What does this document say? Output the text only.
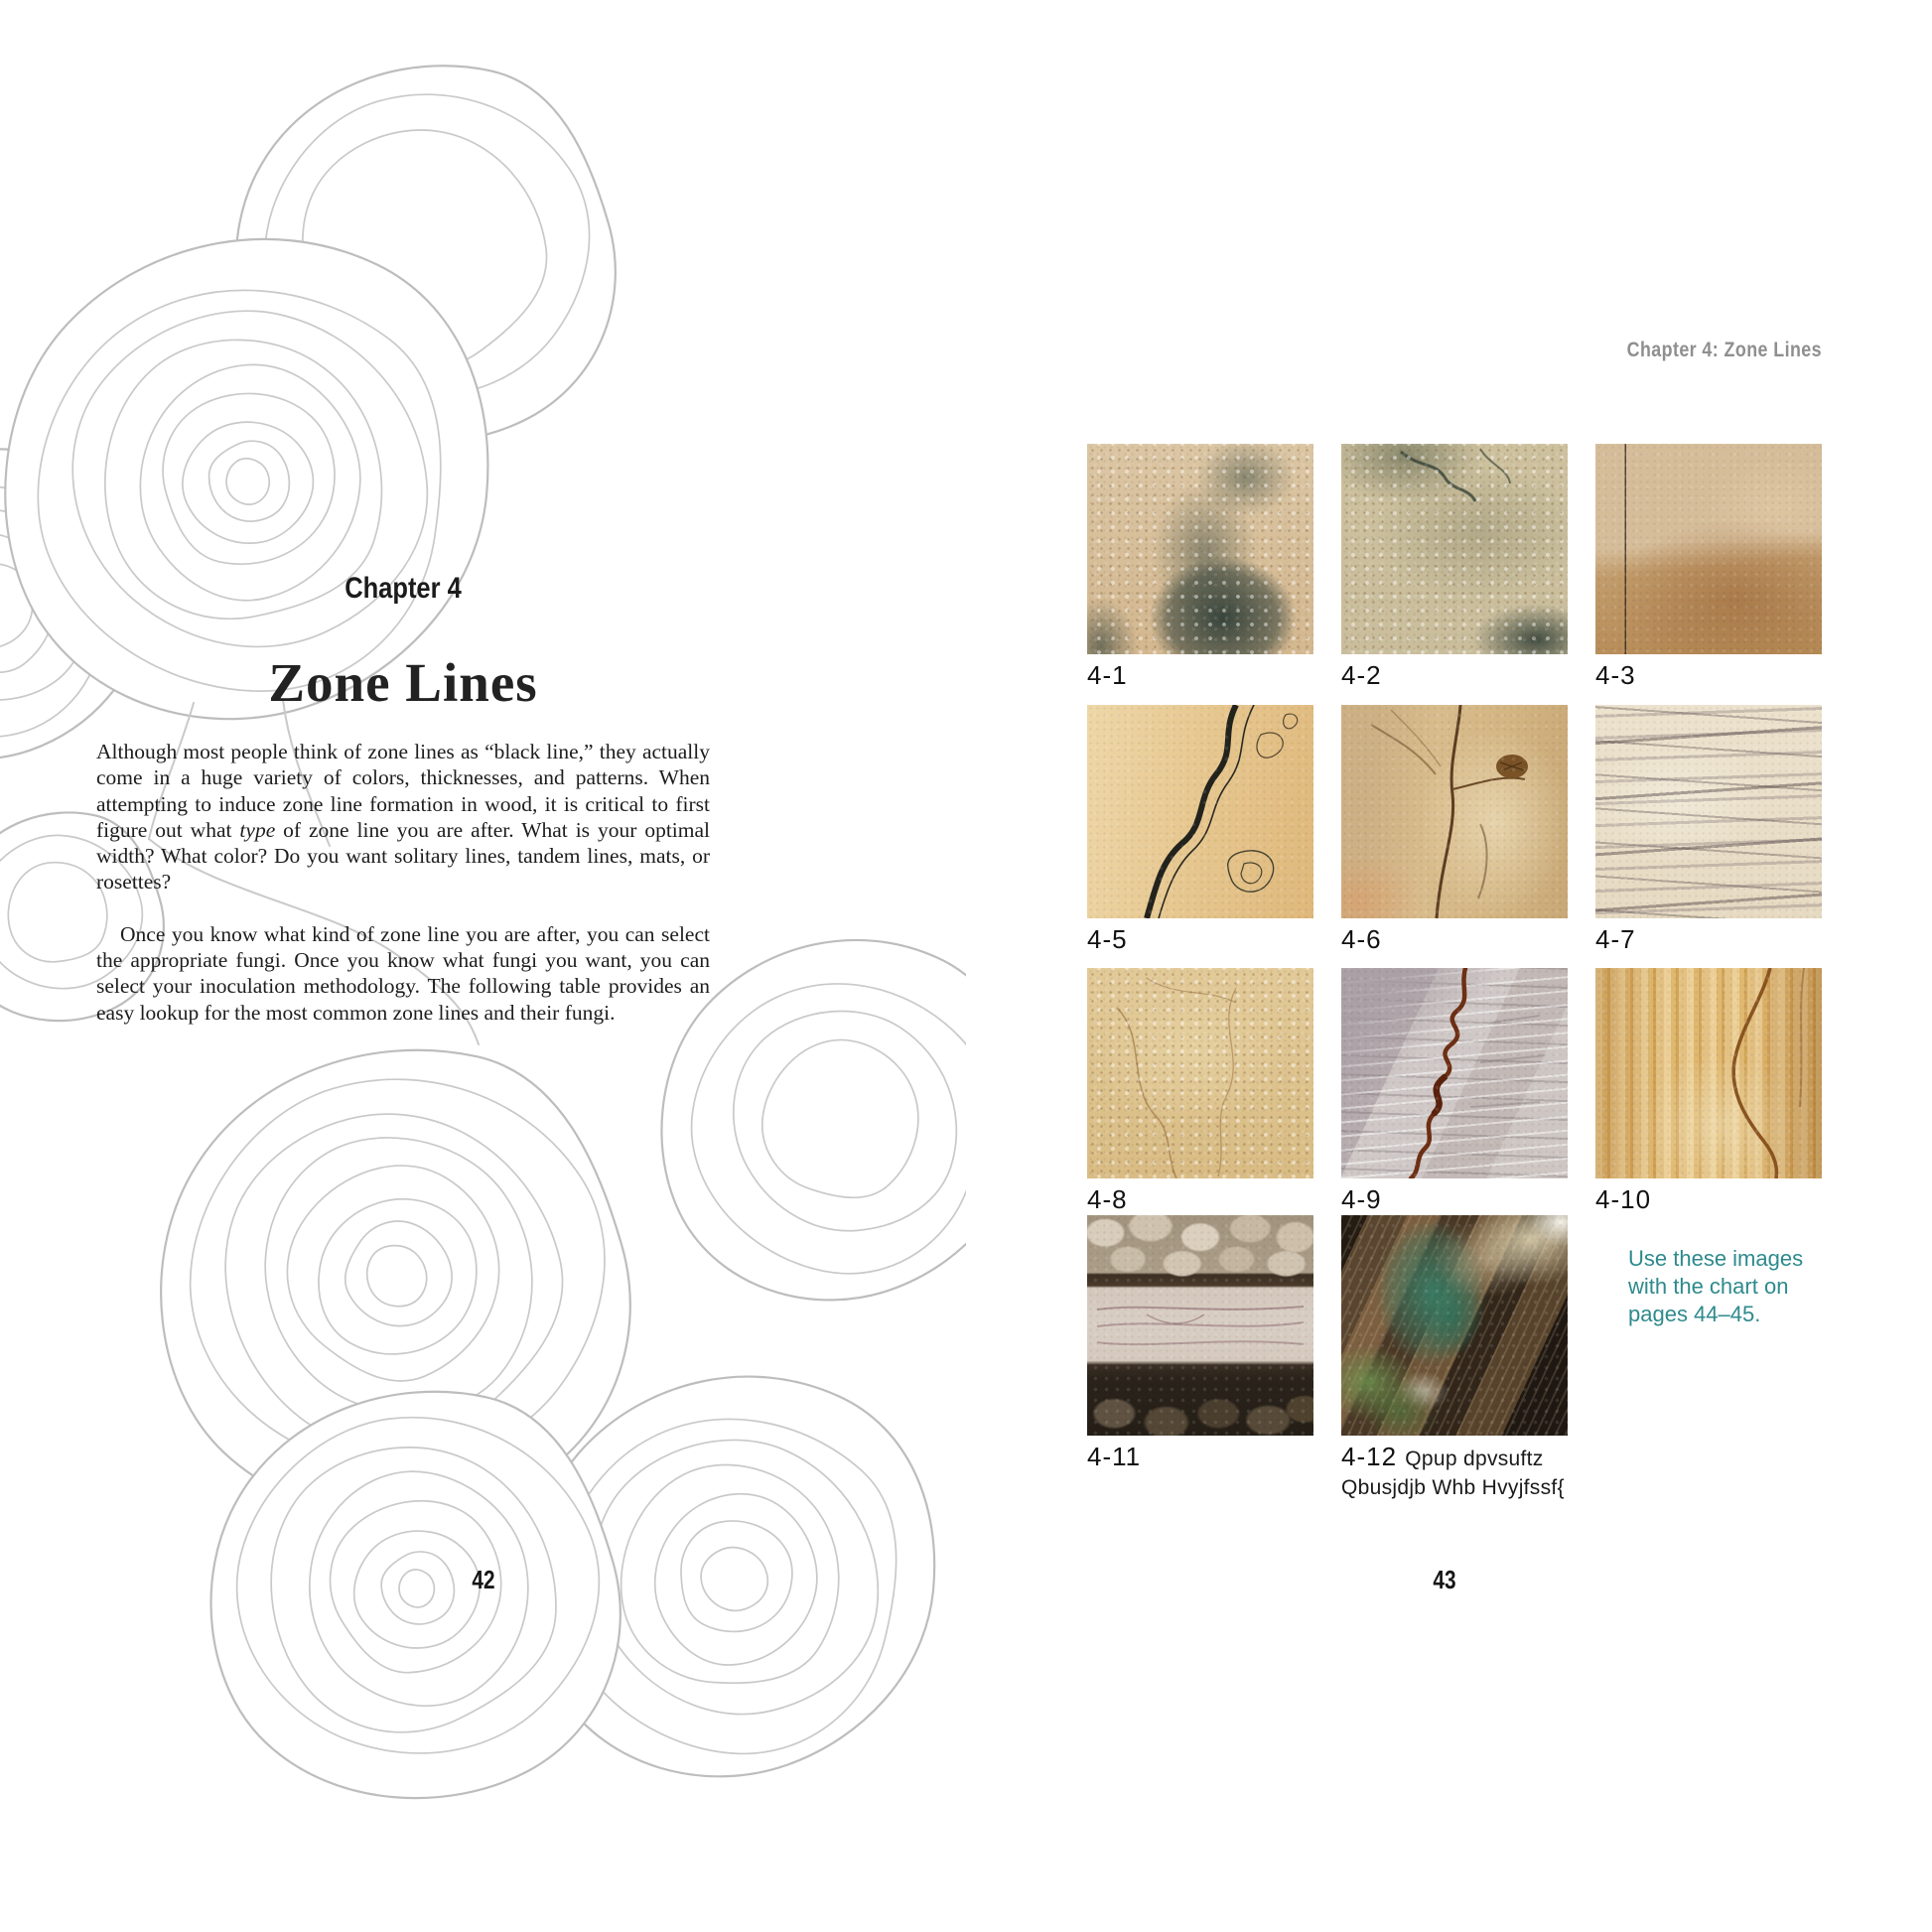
Chapter 4
Zone Lines

Although most people think of zone lines as “black line,” they actually come in a huge variety of colors, thicknesses, and patterns. When attempting to induce zone line formation in wood, it is critical to first figure out what type of zone line you are after. What is your optimal width? What color? Do you want solitary lines, tandem lines, mats, or rosettes?

Once you know what kind of zone line you are after, you can select the appropriate fungi. Once you know what fungi you want, you can select your inoculation methodology. The following table provides an easy lookup for the most common zone lines and their fungi.

42
Chapter 4: Zone Lines
4-1	4-2	4-3
4-5	4-6	4-7
4-8	4-9	4-10
4-11	4-12 Qpup dpvsuftz Qbusjdjb Whb Hvyjfssf{
Use these images with the chart on pages 44–45.
43
